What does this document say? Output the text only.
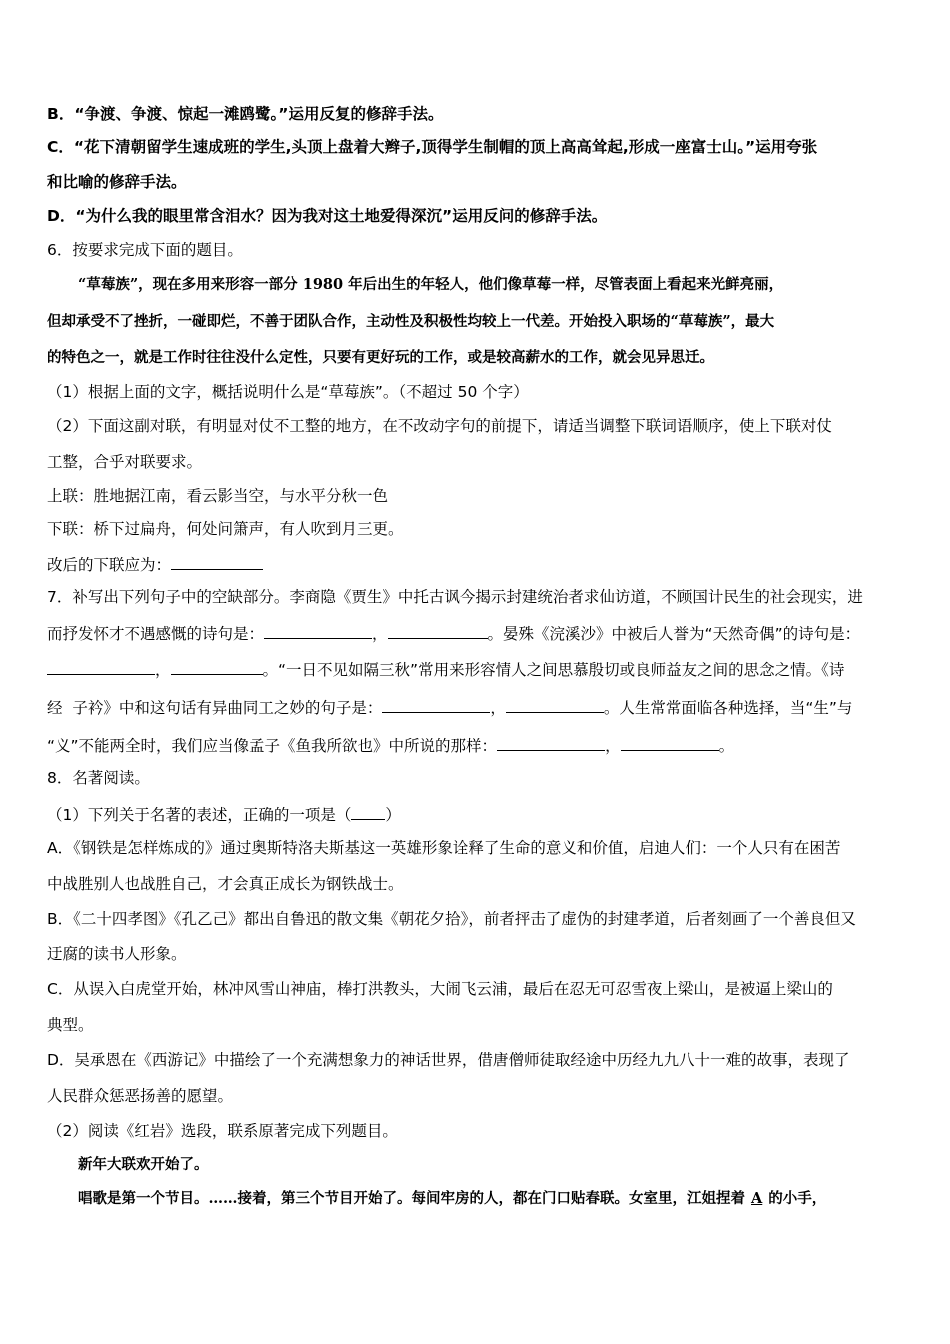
B．“争渡、争渡、惊起一滩鸥鹭。”运用反复的修辞手法。
C．“花下清朝留学生速成班的学生,头顶上盘着大辫子,顶得学生制帽的顶上高高耸起,形成一座富士山。”运用夸张
和比喻的修辞手法。
D．“为什么我的眼里常含泪水？因为我对这土地爱得深沉”运用反问的修辞手法。
6．按要求完成下面的题目。
“草莓族”，现在多用来形容一部分 1980 年后出生的年轻人，他们像草莓一样，尽管表面上看起来光鲜亮丽，
但却承受不了挫折，一碰即烂，不善于团队合作，主动性及积极性均较上一代差。开始投入职场的“草莓族”，最大
的特色之一，就是工作时往往没什么定性，只要有更好玩的工作，或是较高薪水的工作，就会见异思迁。
（1）根据上面的文字，概括说明什么是“草莓族”。（不超过 50 个字）
（2）下面这副对联，有明显对仗不工整的地方，在不改动字句的前提下，请适当调整下联词语顺序，使上下联对仗
工整，合乎对联要求。
上联：胜地据江南，看云影当空，与水平分秋一色
下联：桥下过扁舟，何处问箫声，有人吹到月三更。
改后的下联应为：
7．补写出下列句子中的空缺部分。李商隐《贾生》中托古讽今揭示封建统治者求仙访道，不顾国计民生的社会现实，进
而抒发怀才不遇感慨的诗句是：	，	。晏殊《浣溪沙》中被后人誉为“天然奇偶”的诗句是：
，	。“一日不见如隔三秋”常用来形容情人之间思慕殷切或良师益友之间的思念之情。《诗
经  子衿》中和这句话有异曲同工之妙的句子是：	，	。人生常常面临各种选择，当“生”与
“义”不能两全时，我们应当像孟子《鱼我所欲也》中所说的那样：	，	。
8．名著阅读。
（1）下列关于名著的表述，正确的一项是（ ）
A．《钢铁是怎样炼成的》通过奥斯特洛夫斯基这一英雄形象诠释了生命的意义和价值，启迪人们：一个人只有在困苦
中战胜别人也战胜自己，才会真正成长为钢铁战士。
B．《二十四孝图》《孔乙己》都出自鲁迅的散文集《朝花夕拾》，前者抨击了虚伪的封建孝道，后者刻画了一个善良但又
迂腐的读书人形象。
C．从误入白虎堂开始，林冲风雪山神庙，棒打洪教头，大闹飞云浦，最后在忍无可忍雪夜上梁山，是被逼上梁山的
典型。
D．吴承恩在《西游记》中描绘了一个充满想象力的神话世界，借唐僧师徒取经途中历经九九八十一难的故事，表现了
人民群众惩恶扬善的愿望。
（2）阅读《红岩》选段，联系原著完成下列题目。
新年大联欢开始了。
唱歌是第一个节目。……接着，第三个节目开始了。每间牢房的人，都在门口贴春联。女室里，江姐捏着 A 的小手，
